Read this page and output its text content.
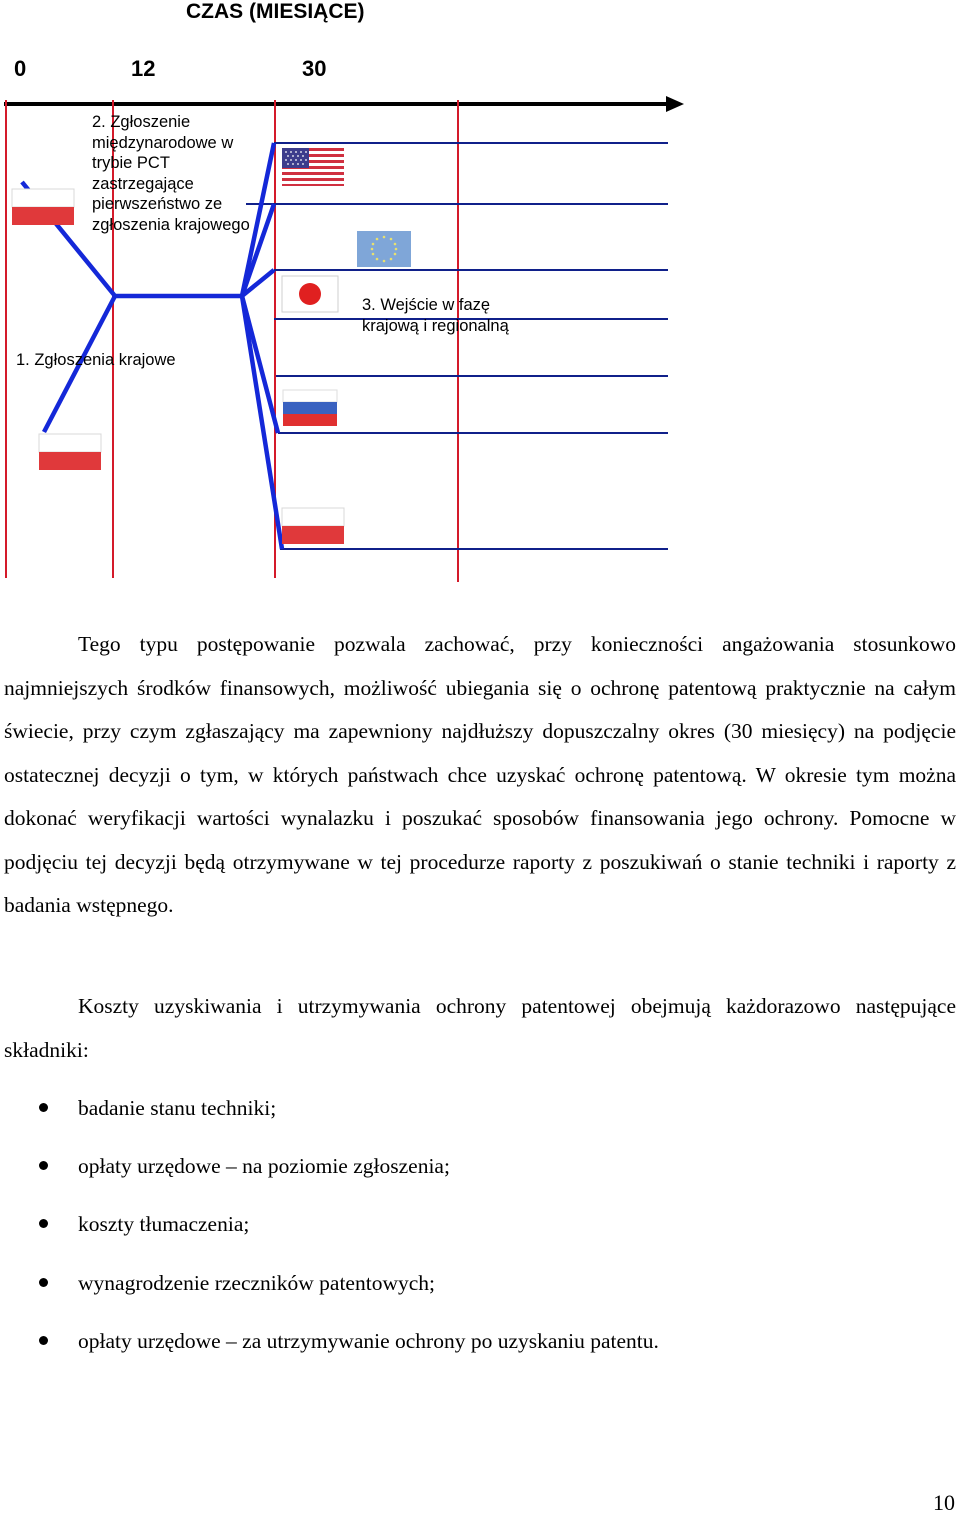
CZAS (MIESIĄCE)
0	12	30
2. Zgłoszenie
międzynarodowe w
trybie PCT
zastrzegające
pierwszeństwo ze
zgłoszenia krajowego
3. Wejście w fazę
krajową i regionalną
1. Zgłoszenia krajowe

Tego typu postępowanie pozwala zachować, przy konieczności angażowania stosunkowo najmniejszych środków finansowych, możliwość ubiegania się o ochronę patentową praktycznie na całym świecie, przy czym zgłaszający ma zapewniony najdłuższy dopuszczalny okres (30 miesięcy) na podjęcie ostatecznej decyzji o tym, w których państwach chce uzyskać ochronę patentową. W okresie tym można dokonać weryfikacji wartości wynalazku i poszukać sposobów finansowania jego ochrony. Pomocne w podjęciu tej decyzji będą otrzymywane w tej procedurze raporty z poszukiwań o stanie techniki i raporty z badania wstępnego.

Koszty uzyskiwania i utrzymywania ochrony patentowej obejmują każdorazowo następujące składniki:

badanie stanu techniki;
opłaty urzędowe – na poziomie zgłoszenia;
koszty tłumaczenia;
wynagrodzenie rzeczników patentowych;
opłaty urzędowe – za utrzymywanie ochrony po uzyskaniu patentu.
10
